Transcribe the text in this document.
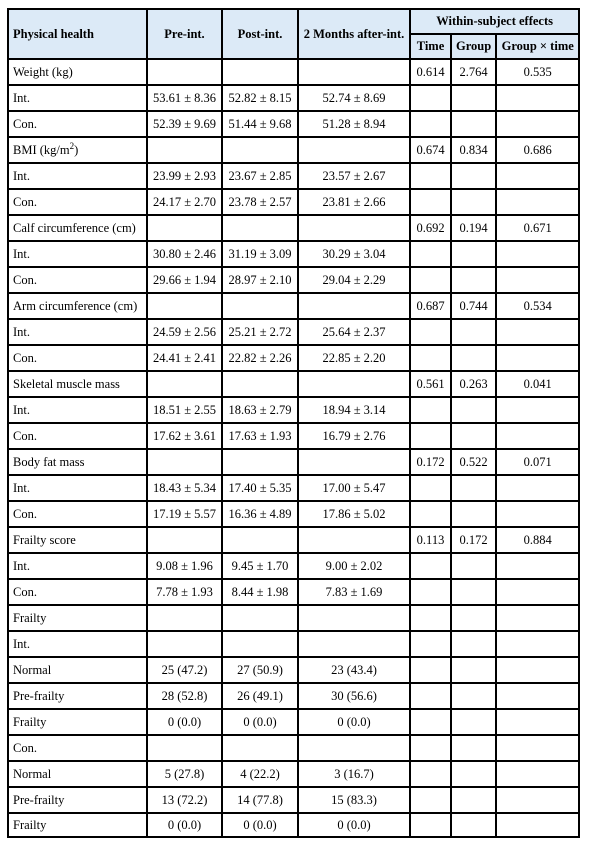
Physical health	Pre-int.	Post-int.	2 Months after-int.	Within-subject effects		
				Time	Group	Group × time
Weight (kg)				0.614	2.764	0.535
Int.	53.61 ± 8.36	52.82 ± 8.15	52.74 ± 8.69			
Con.	52.39 ± 9.69	51.44 ± 9.68	51.28 ± 8.94			
BMI $(kg/m^2)$				0.674	0.834	0.686
Int.	23.99 ± 2.93	23.67 ± 2.85	23.57 ± 2.67			
Con.	24.17 ± 2.70	23.78 ± 2.57	23.81 ± 2.66			
Calf circumference (cm)				0.692	0.194	0.671
Int.	30.80 ± 2.46	31.19 ± 3.09	30.29 ± 3.04			
Con.	29.66 ± 1.94	28.97 ± 2.10	29.04 ± 2.29			
Arm circumference (cm)				0.687	0.744	0.534
Int.	24.59 ± 2.56	25.21 ± 2.72	25.64 ± 2.37			
Con.	24.41 ± 2.41	22.82 ± 2.26	22.85 ± 2.20			
Skeletal muscle mass				0.561	0.263	0.041
Int.	18.51 ± 2.55	18.63 ± 2.79	18.94 ± 3.14			
Con.	17.62 ± 3.61	17.63 ± 1.93	16.79 ± 2.76			
Body fat mass				0.172	0.522	0.071
Int.	18.43 ± 5.34	17.40 ± 5.35	17.00 ± 5.47			
Con.	17.19 ± 5.57	16.36 ± 4.89	17.86 ± 5.02			
Frailty score				0.113	0.172	0.884
Int.	9.08 ± 1.96	9.45 ± 1.70	9.00 ± 2.02			
Con.	7.78 ± 1.93	8.44 ± 1.98	7.83 ± 1.69			
Frailty						
Int.						
Normal	25 (47.2)	27 (50.9)	23 (43.4)			
Pre-frailty	28 (52.8)	26 (49.1)	30 (56.6)			
Frailty	0 (0.0)	0 (0.0)	0 (0.0)			
Con.						
Normal	5 (27.8)	4 (22.2)	3 (16.7)			
Pre-frailty	13 (72.2)	14 (77.8)	15 (83.3)			
Frailty	0 (0.0)	0 (0.0)	0 (0.0)			
